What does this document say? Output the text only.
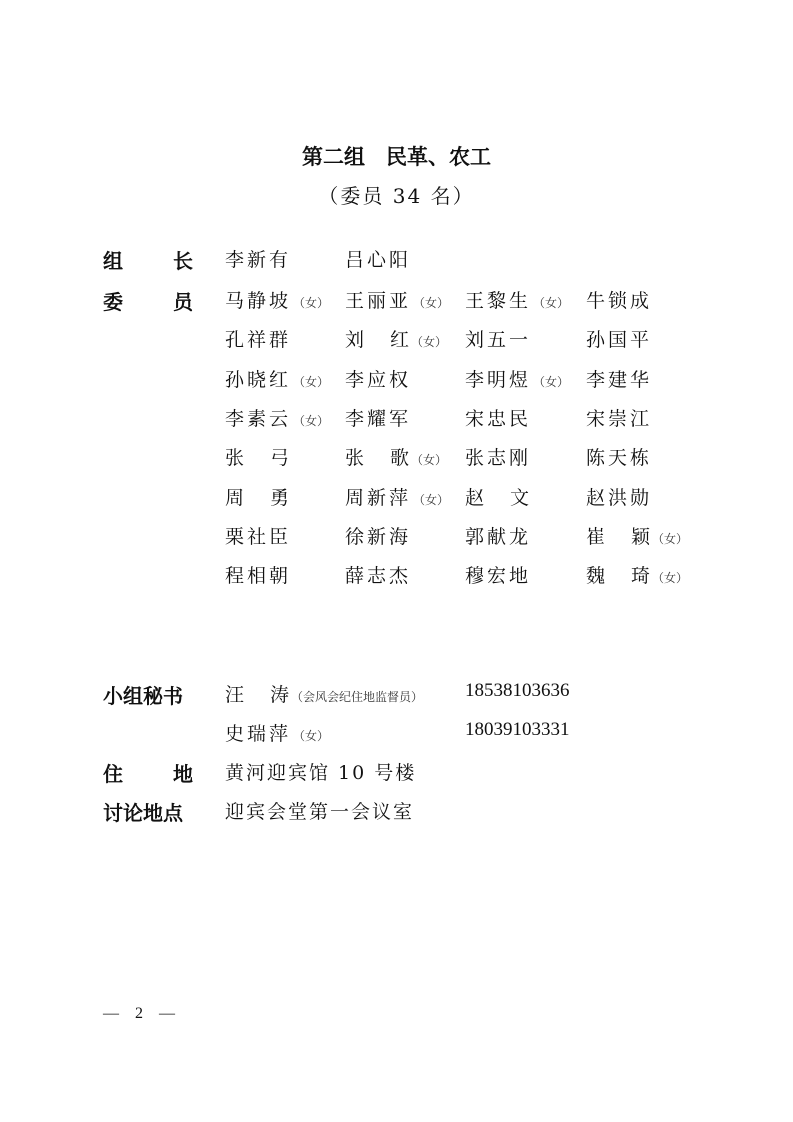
第二组　民革、农工
（委员 34 名）
组	长 李新有	吕心阳
委	员 马静坡 （女） 王丽亚 （女） 王黎生 （女） 牛锁成
孔祥群	刘　红 （女） 刘五一	孙国平
孙晓红 （女） 李应权	李明煜 （女） 李建华
李素云 （女） 李耀军	宋忠民	宋崇江
张　弓	张　歌 （女） 张志刚	陈天栋
周　勇	周新萍 （女） 赵　文	赵洪勋
栗社臣	徐新海	郭献龙	崔　颖 （女）
程相朝	薛志杰	穆宏地	魏　琦 （女）
小组秘书	汪　涛 （会风会纪住地监督员） 18538103636
史瑞萍 （女）	18039103331
住	地 黄河迎宾馆 10 号楼
讨论地点	迎宾会堂第一会议室
—　2　—
